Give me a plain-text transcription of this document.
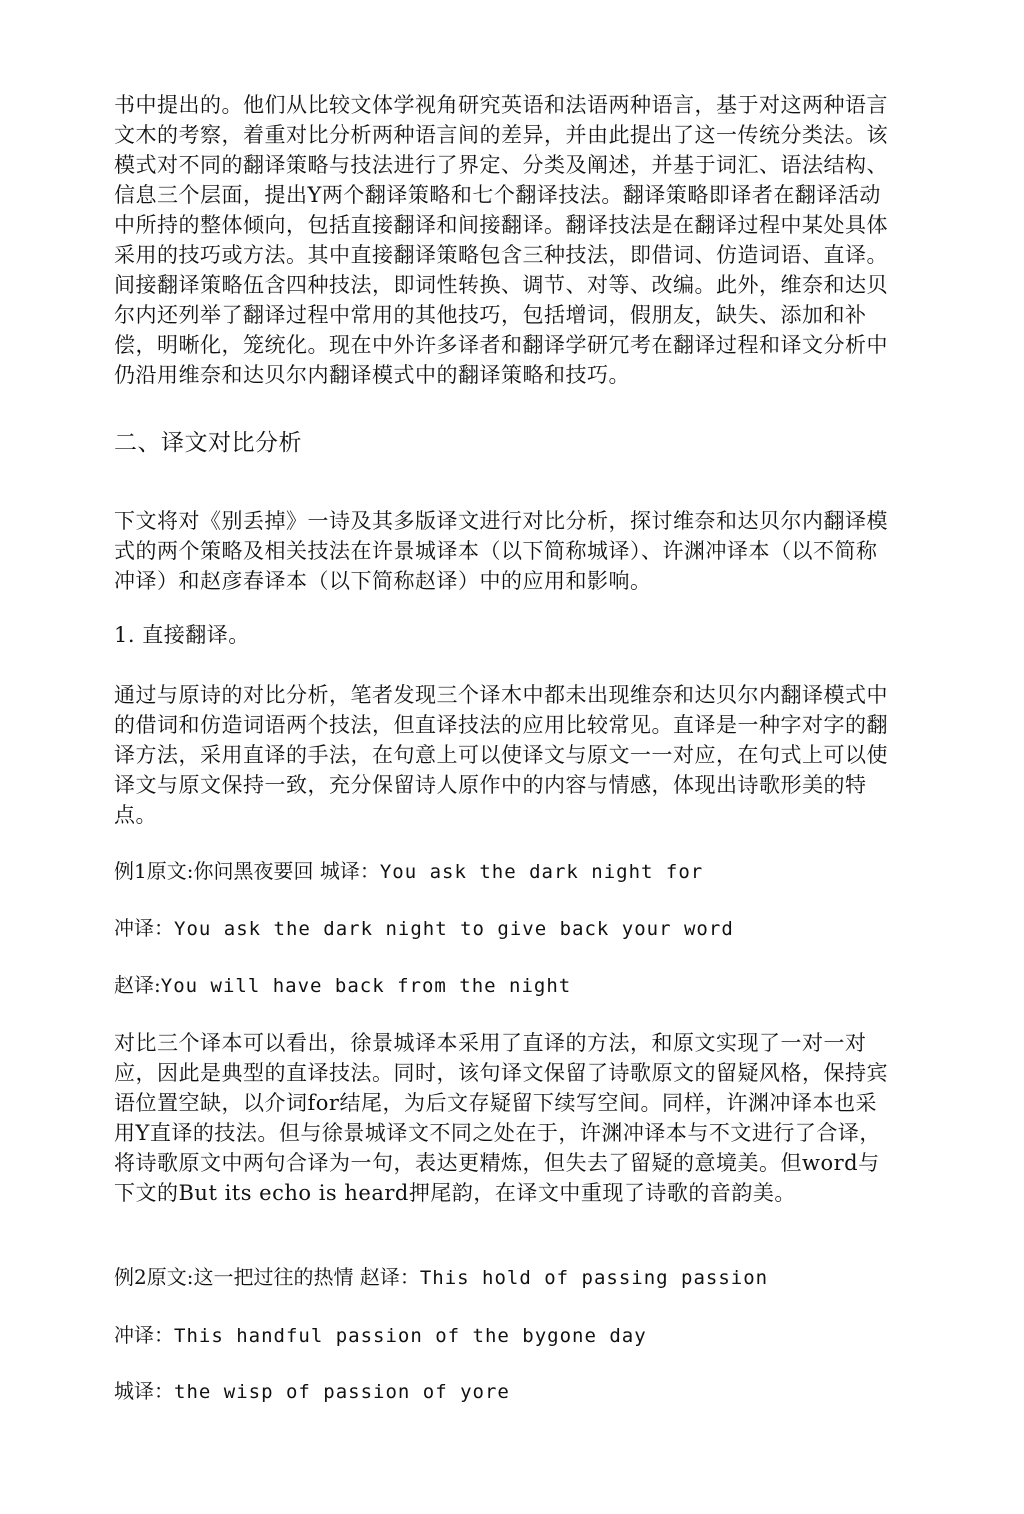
书中提出的。他们从比较文体学视角研究英语和法语两种语言，基于对这两种语言文木的考察，着重对比分析两种语言间的差异，并由此提出了这一传统分类法。该模式对不同的翻译策略与技法进行了界定、分类及阐述，并基于词汇、语法结构、信息三个层面，提出Y两个翻译策略和七个翻译技法。翻译策略即译者在翻译活动中所持的整体倾向，包括直接翻译和间接翻译。翻译技法是在翻译过程中某处具体采用的技巧或方法。其中直接翻译策略包含三种技法，即借词、仿造词语、直译。间接翻译策略伍含四种技法，即词性转换、调节、对等、改编。此外，维奈和达贝尔内还列举了翻译过程中常用的其他技巧，包括增词，假朋友，缺失、添加和补偿，明晰化，笼统化。现在中外许多译者和翻译学研冗考在翻译过程和译文分析中仍沿用维奈和达贝尔内翻译模式中的翻译策略和技巧。

二、译文对比分析

下文将对《别丢掉》一诗及其多版译文进行对比分析，探讨维奈和达贝尔内翻译模式的两个策略及相关技法在许景城译本（以下简称城译）、许渊冲译本（以不简称冲译）和赵彦春译本（以下简称赵译）中的应用和影响。

1. 直接翻译。

通过与原诗的对比分析，笔者发现三个译木中都未出现维奈和达贝尔内翻译模式中的借词和仿造词语两个技法，但直译技法的应用比较常见。直译是一种字对字的翻译方法，采用直译的手法，在句意上可以使译文与原文一一对应，在句式上可以使译文与原文保持一致，充分保留诗人原作中的内容与情感，体现出诗歌形美的特点。

例1原文:你问黑夜要回 城译：You ask the dark night for
冲译：You ask the dark night to give back your word
赵译:You will have back from the night

对比三个译本可以看出，徐景城译本采用了直译的方法，和原文实现了一对一对应，因此是典型的直译技法。同时，该句译文保留了诗歌原文的留疑风格，保持宾语位置空缺，以介词for结尾，为后文存疑留下续写空间。同样，许渊冲译本也采用Y直译的技法。但与徐景城译文不同之处在于，许渊冲译本与不文进行了合译，将诗歌原文中两句合译为一句，表达更精炼，但失去了留疑的意境美。但word与下文的But its echo is heard押尾韵，在译文中重现了诗歌的音韵美。

例2原文:这一把过往的热情 赵译：This hold of passing passion
冲译：This handful passion of the bygone day
城译：the wisp of passion of yore
